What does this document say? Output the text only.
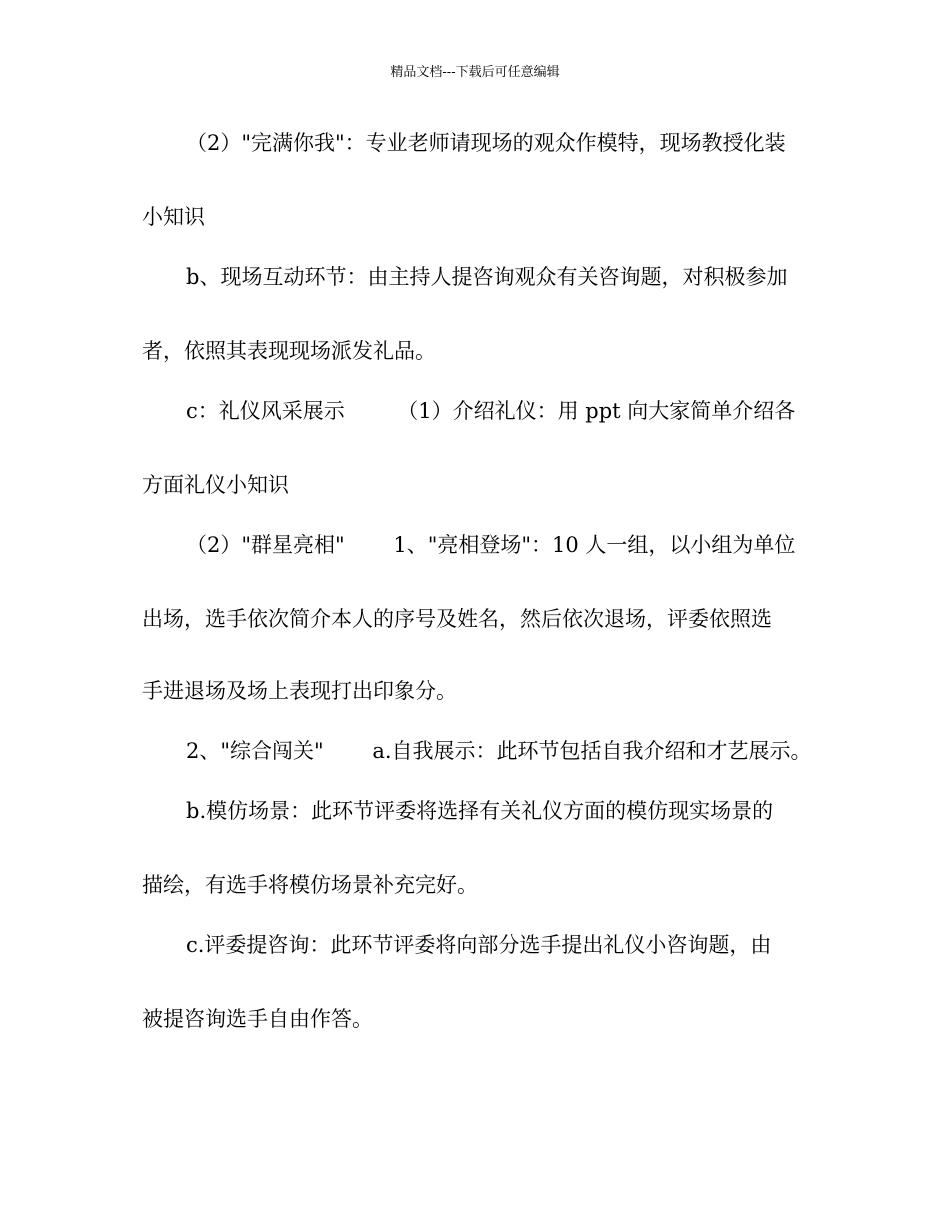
精品文档---下载后可任意编辑
（2）"完满你我"：专业老师请现场的观众作模特，现场教授化装
小知识
b、现场互动环节：由主持人提咨询观众有关咨询题，对积极参加
者，依照其表现现场派发礼品。
c：礼仪风采展示　　　（1）介绍礼仪：用 ppt 向大家简单介绍各
方面礼仪小知识
（2）"群星亮相"　　 1、"亮相登场"：10 人一组，以小组为单位
出场，选手依次简介本人的序号及姓名，然后依次退场，评委依照选
手进退场及场上表现打出印象分。
2、"综合闯关"　　 a.自我展示：此环节包括自我介绍和才艺展示。
b.模仿场景：此环节评委将选择有关礼仪方面的模仿现实场景的
描绘，有选手将模仿场景补充完好。
c.评委提咨询：此环节评委将向部分选手提出礼仪小咨询题，由
被提咨询选手自由作答。
